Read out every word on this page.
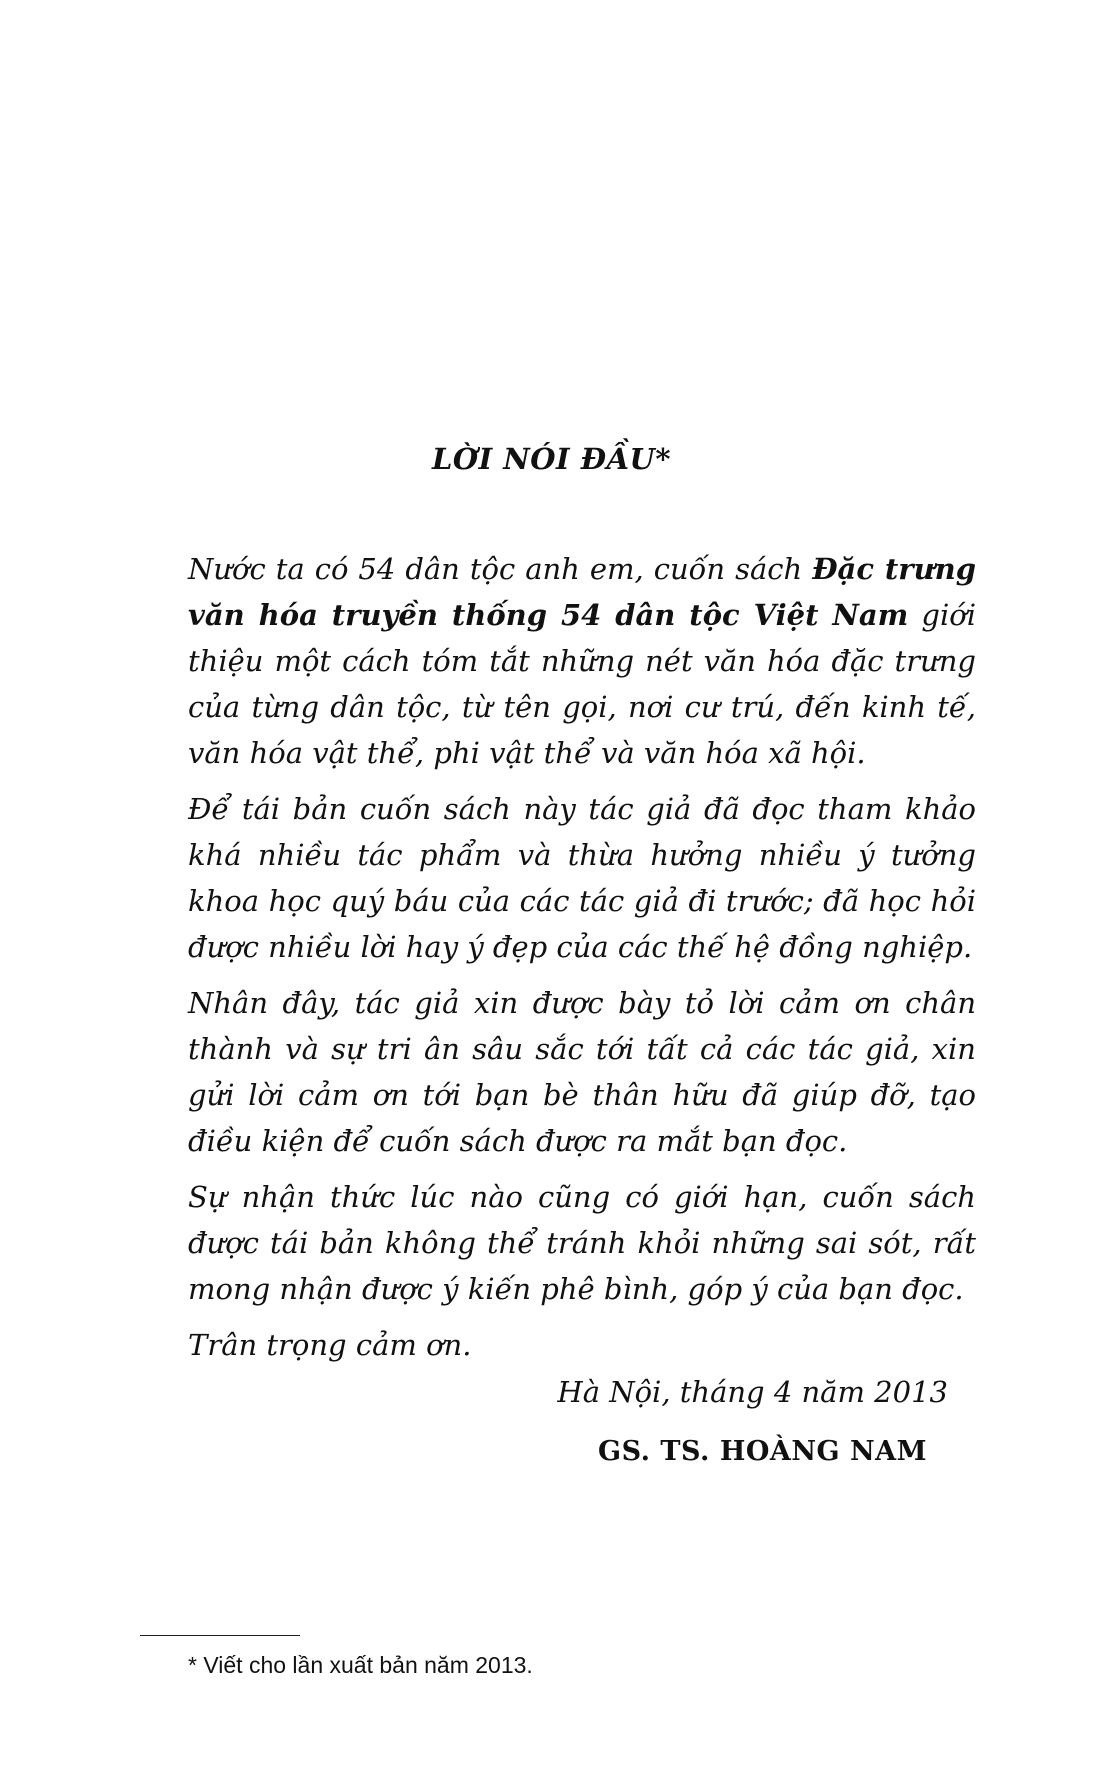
LỜI NÓI ĐẦU*

Nước ta có 54 dân tộc anh em, cuốn sách Đặc trưng văn hóa truyền thống 54 dân tộc Việt Nam giới thiệu một cách tóm tắt những nét văn hóa đặc trưng của từng dân tộc, từ tên gọi, nơi cư trú, đến kinh tế, văn hóa vật thể, phi vật thể và văn hóa xã hội.

Để tái bản cuốn sách này tác giả đã đọc tham khảo khá nhiều tác phẩm và thừa hưởng nhiều ý tưởng khoa học quý báu của các tác giả đi trước; đã học hỏi được nhiều lời hay ý đẹp của các thế hệ đồng nghiệp.

Nhân đây, tác giả xin được bày tỏ lời cảm ơn chân thành và sự tri ân sâu sắc tới tất cả các tác giả, xin gửi lời cảm ơn tới bạn bè thân hữu đã giúp đỡ, tạo điều kiện để cuốn sách được ra mắt bạn đọc.

Sự nhận thức lúc nào cũng có giới hạn, cuốn sách được tái bản không thể tránh khỏi những sai sót, rất mong nhận được ý kiến phê bình, góp ý của bạn đọc.

Trân trọng cảm ơn.

Hà Nội, tháng 4 năm 2013
GS. TS. HOÀNG NAM
* Viết cho lần xuất bản năm 2013.
